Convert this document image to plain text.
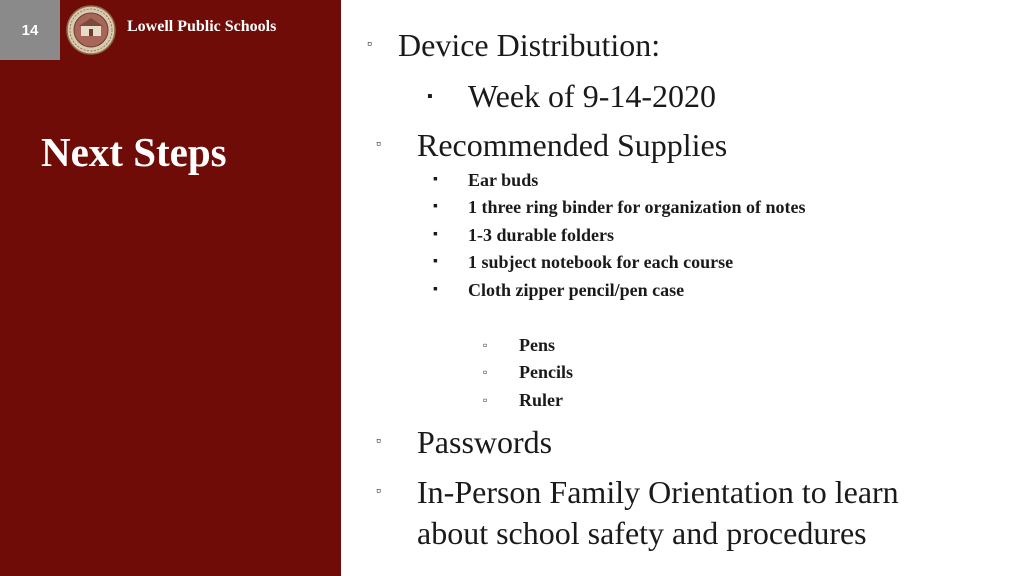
14	Lowell Public Schools
Next Steps
▫ Device Distribution:
▪ Week of 9-14-2020
▫ Recommended Supplies
▪ Ear buds
▪ 1 three ring binder for organization of notes
▪ 1-3 durable folders
▪ 1 subject notebook for each course
▪ Cloth zipper pencil/pen case
▫ Pens
▫ Pencils
▫ Ruler
▫ Passwords
▫ In-Person Family Orientation to learn
about school safety and procedures
